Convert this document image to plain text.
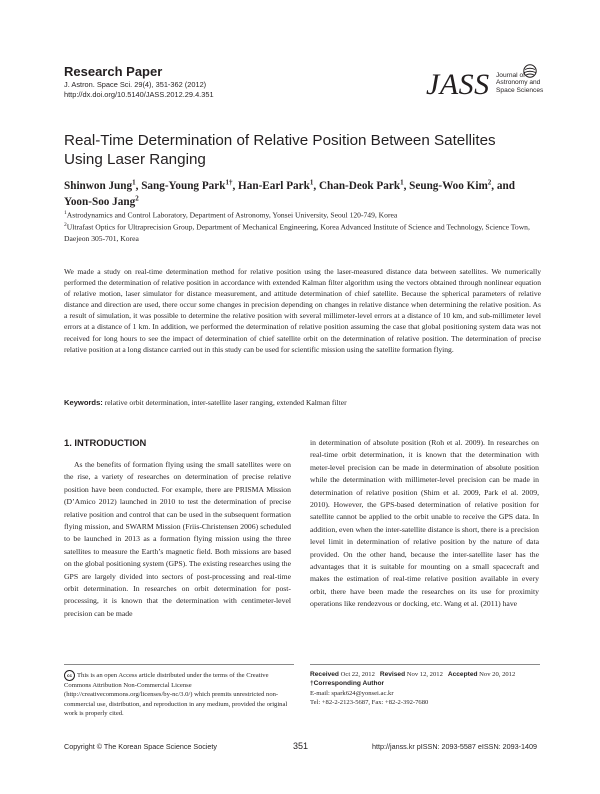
Research Paper
J. Astron. Space Sci. 29(4), 351-362 (2012)
http://dx.doi.org/10.5140/JASS.2012.29.4.351	JASS Journal of
Astronomy and
Space Sciences
Real-Time Determination of Relative Position Between Satellites
Using Laser Ranging
Shinwon Jung$^1$, Sang-Young Park$^{1\dagger}$, Han-Earl Park$^1$, Chan-Deok Park$^1$, Seung-Woo Kim$^2$, and Yoon-Soo Jang$^2$
$^1$Astrodynamics and Control Laboratory, Department of Astronomy, Yonsei University, Seoul 120-749, Korea
$^2$Ultrafast Optics for Ultraprecision Group, Department of Mechanical Engineering, Korea Advanced Institute of Science and Technology, Science Town, Daejeon 305-701, Korea
We made a study on real-time determination method for relative position using the laser-measured distance data between satellites. We numerically performed the determination of relative position in accordance with extended Kalman filter algorithm using the vectors obtained through nonlinear equation of relative motion, laser simulator for distance measurement, and attitude determination of chief satellite. Because the spherical parameters of relative distance and direction are used, there occur some changes in precision depending on changes in relative distance when determining the relative position. As a result of simulation, it was possible to determine the relative position with several millimeter-level errors at a distance of 10 km, and sub-millimeter level errors at a distance of 1 km. In addition, we performed the determination of relative position assuming the case that global positioning system data was not received for long hours to see the impact of determination of chief satellite orbit on the determination of relative position. The determination of precise relative position at a long distance carried out in this study can be used for scientific mission using the satellite formation flying.
Keywords: relative orbit determination, inter-satellite laser ranging, extended Kalman filter
1. INTRODUCTION
As the benefits of formation flying using the small satellites were on the rise, a variety of researches on determination of precise relative position have been conducted. For example, there are PRISMA Mission (D’Amico 2012) launched in 2010 to test the determination of precise relative position and control that can be used in the subsequent formation flying mission, and SWARM Mission (Friis-Christensen 2006) scheduled to be launched in 2013 as a formation flying mission using the three satellites to measure the Earth’s magnetic field. Both missions are based on the global positioning system (GPS). The existing researches using the GPS are largely divided into sectors of post-processing and real-time orbit determination. In researches on orbit determination for post-processing, it is known that the determination with centimeter-level precision can be made
in determination of absolute position (Roh et al. 2009). In researches on real-time orbit determination, it is known that the determination with meter-level precision can be made in determination of absolute position while the determination with millimeter-level precision can be made in determination of relative position (Shim et al. 2009, Park el al. 2009, 2010). However, the GPS-based determination of relative position for satellite cannot be applied to the orbit unable to receive the GPS data. In addition, even when the inter-satellite distance is short, there is a precision level limit in determination of relative position by the nature of data provided. On the other hand, because the inter-satellite laser has the advantages that it is suitable for mounting on a small spacecraft and makes the estimation of real-time relative position available in every orbit, there have been made the researches on its use for proximity operations like rendezvous or docking, etc. Wang et al. (2011) have
cc This is an open Access article distributed under the terms of the Creative Commons Attribution Non-Commercial License (http://creativecommons.org/licenses/by-nc/3.0/) which premits unrestricted non-commercial use, distribution, and reproduction in any medium, provided the original work is properly cited.
Received Oct 22, 2012 Revised Nov 12, 2012 Accepted Nov 20, 2012
†Corresponding Author
E-mail: spark624@yonsei.ac.kr
Tel: +82-2-2123-5687, Fax: +82-2-392-7680
Copyright © The Korean Space Science Society	351	http://janss.kr pISSN: 2093-5587 eISSN: 2093-1409
